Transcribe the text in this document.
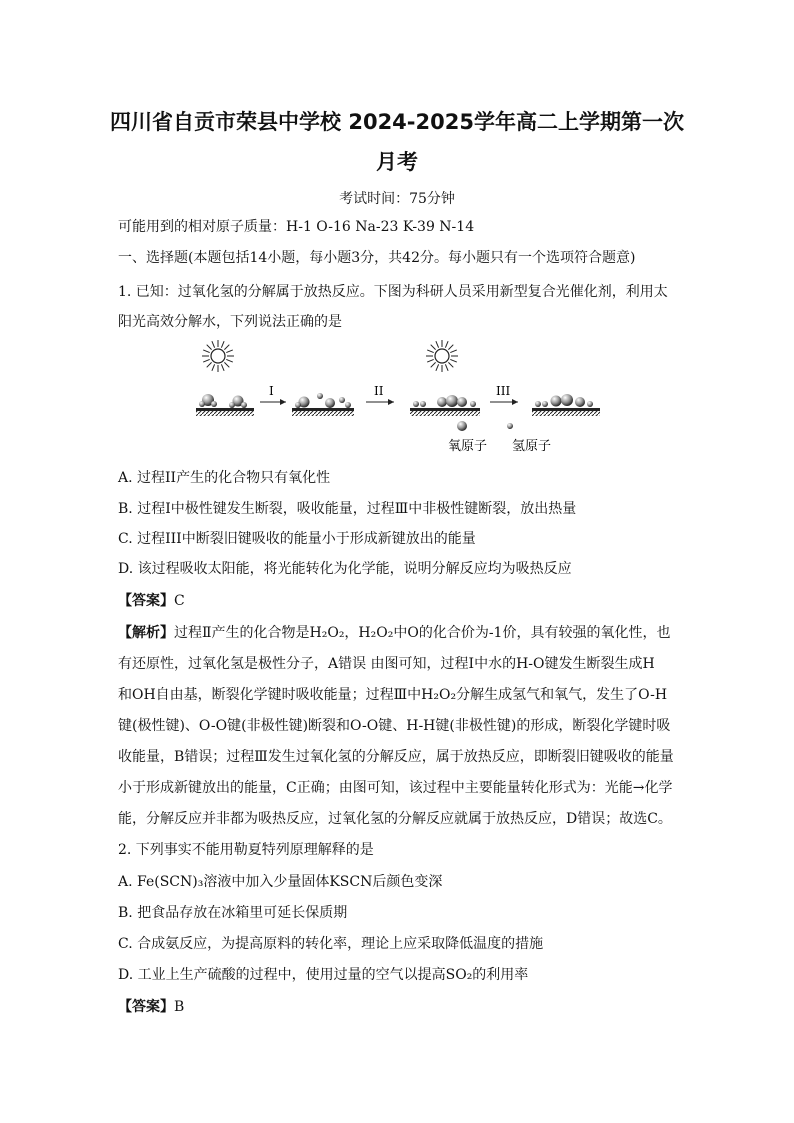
四川省自贡市荣县中学校 2024-2025学年高二上学期第一次
月考
考试时间：75分钟
可能用到的相对原子质量：H-1 O-16 Na-23 K-39 N-14
一、选择题(本题包括14小题，每小题3分，共42分。每小题只有一个选项符合题意)
1. 已知：过氧化氢的分解属于放热反应。下图为科研人员采用新型复合光催化剂，利用太
阳光高效分解水，下列说法正确的是
I	II	III
氧原子 氢原子
A. 过程II产生的化合物只有氧化性
B. 过程I中极性键发生断裂，吸收能量，过程Ⅲ中非极性键断裂，放出热量
C. 过程III中断裂旧键吸收的能量小于形成新键放出的能量
D. 该过程吸收太阳能，将光能转化为化学能，说明分解反应均为吸热反应
【答案】C
【解析】过程Ⅱ产生的化合物是H₂O₂，H₂O₂中O的化合价为-1价，具有较强的氧化性，也
有还原性，过氧化氢是极性分子，A错误 由图可知，过程I中水的H-O键发生断裂生成H
和OH自由基，断裂化学键时吸收能量；过程Ⅲ中H₂O₂分解生成氢气和氧气，发生了O-H
键(极性键)、O-O键(非极性键)断裂和O-O键、H-H键(非极性键)的形成，断裂化学键时吸
收能量，B错误；过程Ⅲ发生过氧化氢的分解反应，属于放热反应，即断裂旧键吸收的能量
小于形成新键放出的能量，C正确；由图可知，该过程中主要能量转化形式为：光能→化学
能，分解反应并非都为吸热反应，过氧化氢的分解反应就属于放热反应，D错误；故选C。
2. 下列事实不能用勒夏特列原理解释的是
A. Fe(SCN)₃溶液中加入少量固体KSCN后颜色变深
B. 把食品存放在冰箱里可延长保质期
C. 合成氨反应，为提高原料的转化率，理论上应采取降低温度的措施
D. 工业上生产硫酸的过程中，使用过量的空气以提高SO₂的利用率
【答案】B
